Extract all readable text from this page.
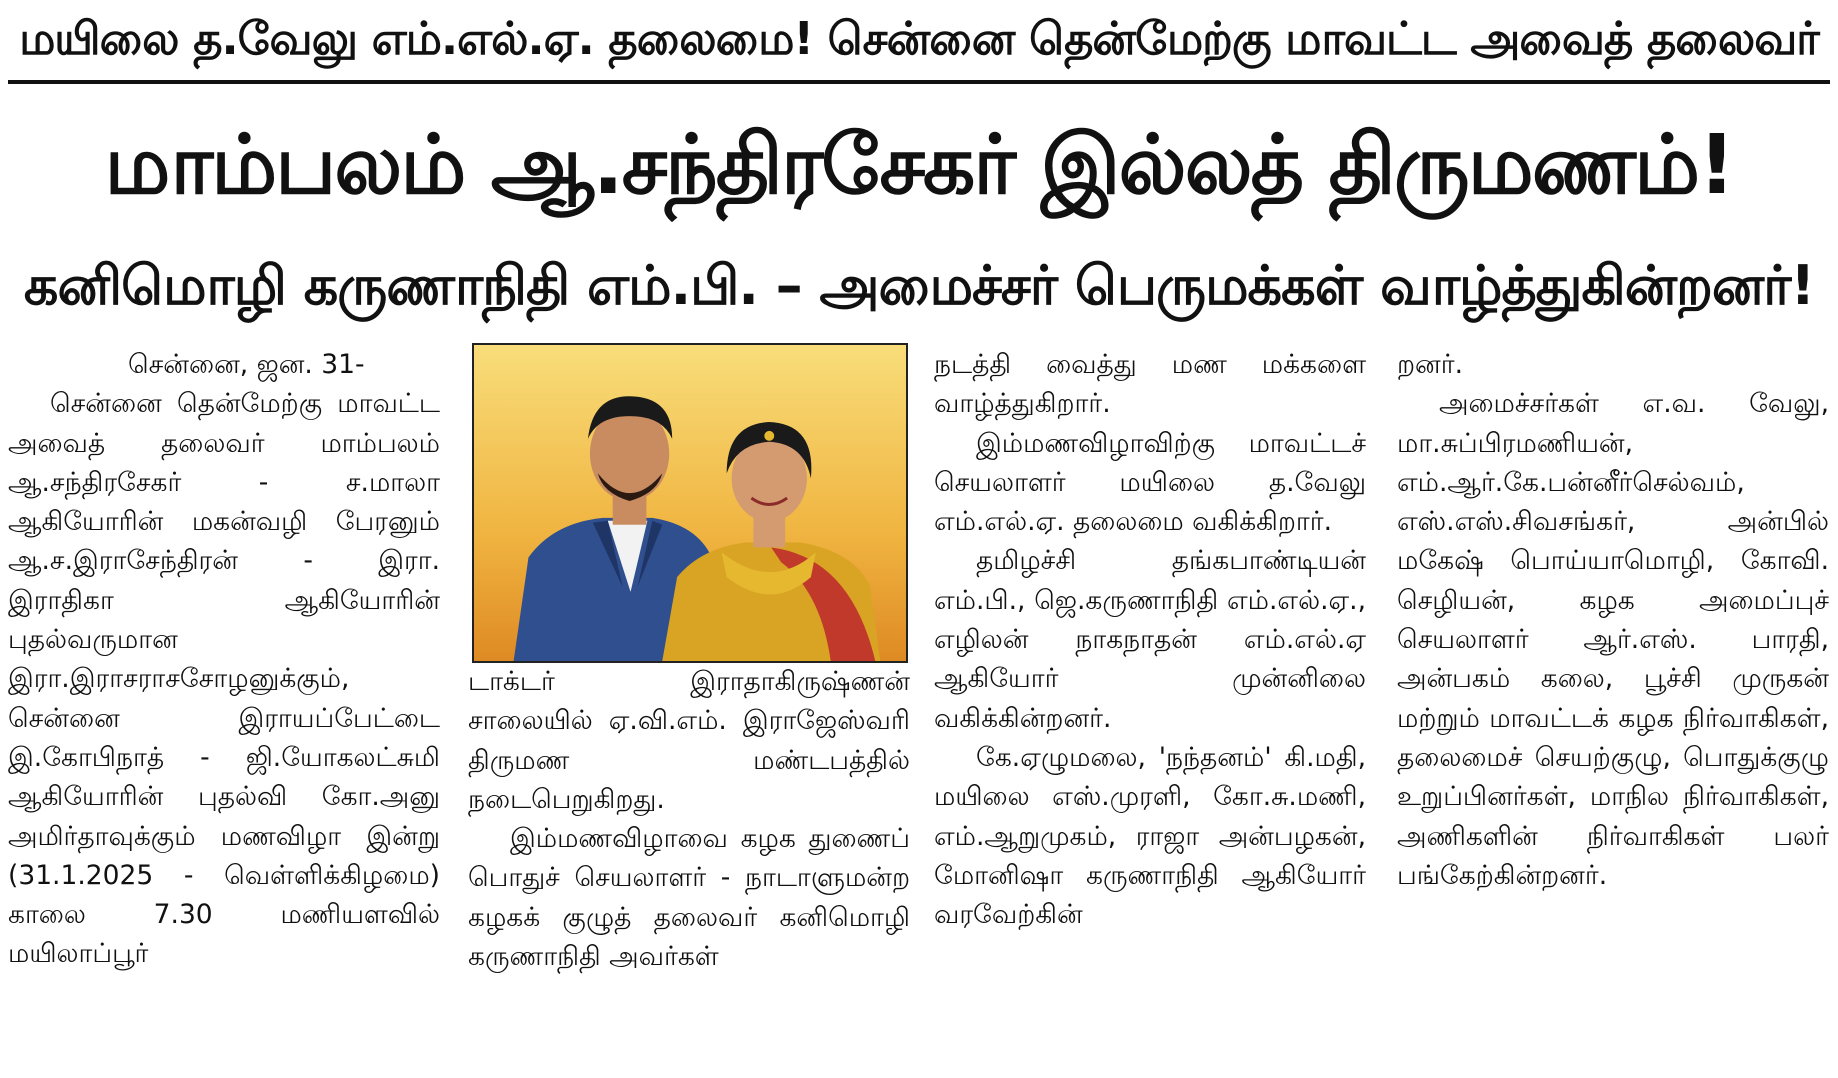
மயிலை த.வேலு எம்.எல்.ஏ. தலைமை! சென்னை தென்மேற்கு மாவட்ட அவைத் தலைவர்
மாம்பலம் ஆ.சந்திரசேகர் இல்லத் திருமணம்!
கனிமொழி கருணாநிதி எம்.பி. – அமைச்சர் பெருமக்கள் வாழ்த்துகின்றனர்!

சென்னை, ஜன. 31-

சென்னை தென்மேற்கு மாவட்ட அவைத் தலைவர் மாம்பலம் ஆ.சந்திரசேகர் - ச.மாலா ஆகியோரின் மகன்வழி பேரனும் ஆ.ச.இராசேந்திரன் - இரா. இராதிகா ஆகியோரின் புதல்வருமான இரா.இராசராசசோழனுக்கும், சென்னை இராயப்பேட்டை இ.கோபிநாத் - ஜி.யோகலட்சுமி ஆகியோரின் புதல்வி கோ.அனு அமிர்தாவுக்கும் மணவிழா இன்று (31.1.2025 - வெள்ளிக்கிழமை) காலை 7.30 மணியளவில் மயிலாப்பூர்

டாக்டர் இராதாகிருஷ்ணன் சாலையில் ஏ.வி.எம். இராஜேஸ்வரி திருமண மண்டபத்தில் நடைபெறுகிறது.

இம்மணவிழாவை கழக துணைப் பொதுச் செயலாளர் - நாடாளுமன்ற கழகக் குழுத் தலைவர் கனிமொழி கருணாநிதி அவர்கள்

நடத்தி வைத்து மண மக்களை வாழ்த்துகிறார்.

இம்மணவிழாவிற்கு மாவட்டச் செயலாளர் மயிலை த.வேலு எம்.எல்.ஏ. தலைமை வகிக்கிறார்.

தமிழச்சி தங்கபாண்டியன் எம்.பி., ஜெ.கருணாநிதி எம்.எல்.ஏ., எழிலன் நாகநாதன் எம்.எல்.ஏ ஆகியோர் முன்னிலை வகிக்கின்றனர்.

கே.ஏழுமலை, 'நந்தனம்' கி.மதி, மயிலை எஸ்.முரளி, கோ.சு.மணி, எம்.ஆறுமுகம், ராஜா அன்பழகன், மோனிஷா கருணாநிதி ஆகியோர் வரவேற்கின்

றனர்.

அமைச்சர்கள் எ.வ. வேலு, மா.சுப்பிரமணியன், எம்.ஆர்.கே.பன்னீர்செல்வம், எஸ்.எஸ்.சிவசங்கர், அன்பில் மகேஷ் பொய்யாமொழி, கோவி. செழியன், கழக அமைப்புச் செயலாளர் ஆர்.எஸ். பாரதி, அன்பகம் கலை, பூச்சி முருகன் மற்றும் மாவட்டக் கழக நிர்வாகிகள், தலைமைச் செயற்குழு, பொதுக்குழு உறுப்பினர்கள், மாநில நிர்வாகிகள், அணிகளின் நிர்வாகிகள் பலர் பங்கேற்கின்றனர்.
